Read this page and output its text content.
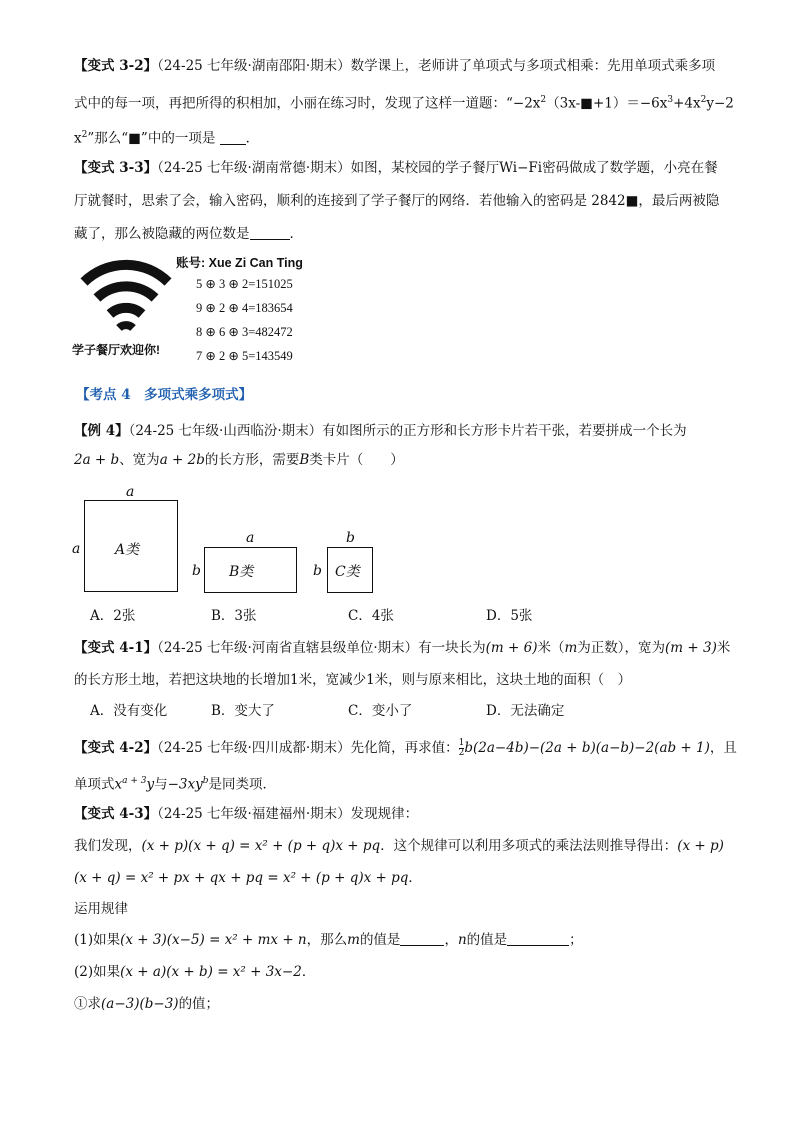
【变式 3-2】（24-25 七年级·湖南邵阳·期末）数学课上，老师讲了单项式与多项式相乘：先用单项式乘多项
式中的每一项，再把所得的积相加，小丽在练习时，发现了这样一道题：“$-2x^2(3x-■+1)=-6x^3+4x^2y-2$
$x^2$”那么“■”中的一项是 ．
【变式 3-3】（24-25 七年级·湖南常德·期末）如图，某校园的学子餐厅Wi−Fi密码做成了数学题，小亮在餐
厅就餐时，思索了会，输入密码，顺利的连接到了学子餐厅的网络．若他输入的密码是 2842■，最后两被隐
藏了，那么被隐藏的两位数是	．
账号: Xue Zi Can Ting
5 ⊕ 3 ⊕ 2=151025
9 ⊕ 2 ⊕ 4=183654
8 ⊕ 6 ⊕ 3=482472
7 ⊕ 2 ⊕ 5=143549
学子餐厅欢迎你!
【考点 4　多项式乘多项式】
【例 4】（24-25 七年级·山西临汾·期末）有如图所示的正方形和长方形卡片若干张，若要拼成一个长为
2a + b、宽为a + 2b的长方形，需要B类卡片（　　）
a
a A类
a
b B类
b
b C类
A．2张	B．3张	C．4张	D．5张
【变式 4-1】（24-25 七年级·河南省直辖县级单位·期末）有一块长为(m + 6)米（m为正数），宽为(m + 3)米
的长方形土地，若把这块地的长增加1米，宽减少1米，则与原来相比，这块土地的面积（　）
A．没有变化	B．变大了	C．变小了	D．无法确定
【变式 4-2】（24-25 七年级·四川成都·期末）先化简，再求值： $\frac{1}{2} b(2a-4b)-(2a + b)(a-b)-2(ab + 1)$，且
单项式$x^{a + 3}y$与$-3xy^b$是同类项．
【变式 4-3】（24-25 七年级·福建福州·期末）发现规律：
我们发现，(x + p)(x + q) = x² + (p + q)x + pq．这个规律可以利用多项式的乘法法则推导得出：(x + p)
(x + q) = x² + px + qx + pq = x² + (p + q)x + pq．
运用规律
(1)如果(x + 3)(x−5) = x² + mx + n，那么m的值是	，n的值是	；
(2)如果(x + a)(x + b) = x² + 3x−2．
①求(a−3)(b−3)的值；
